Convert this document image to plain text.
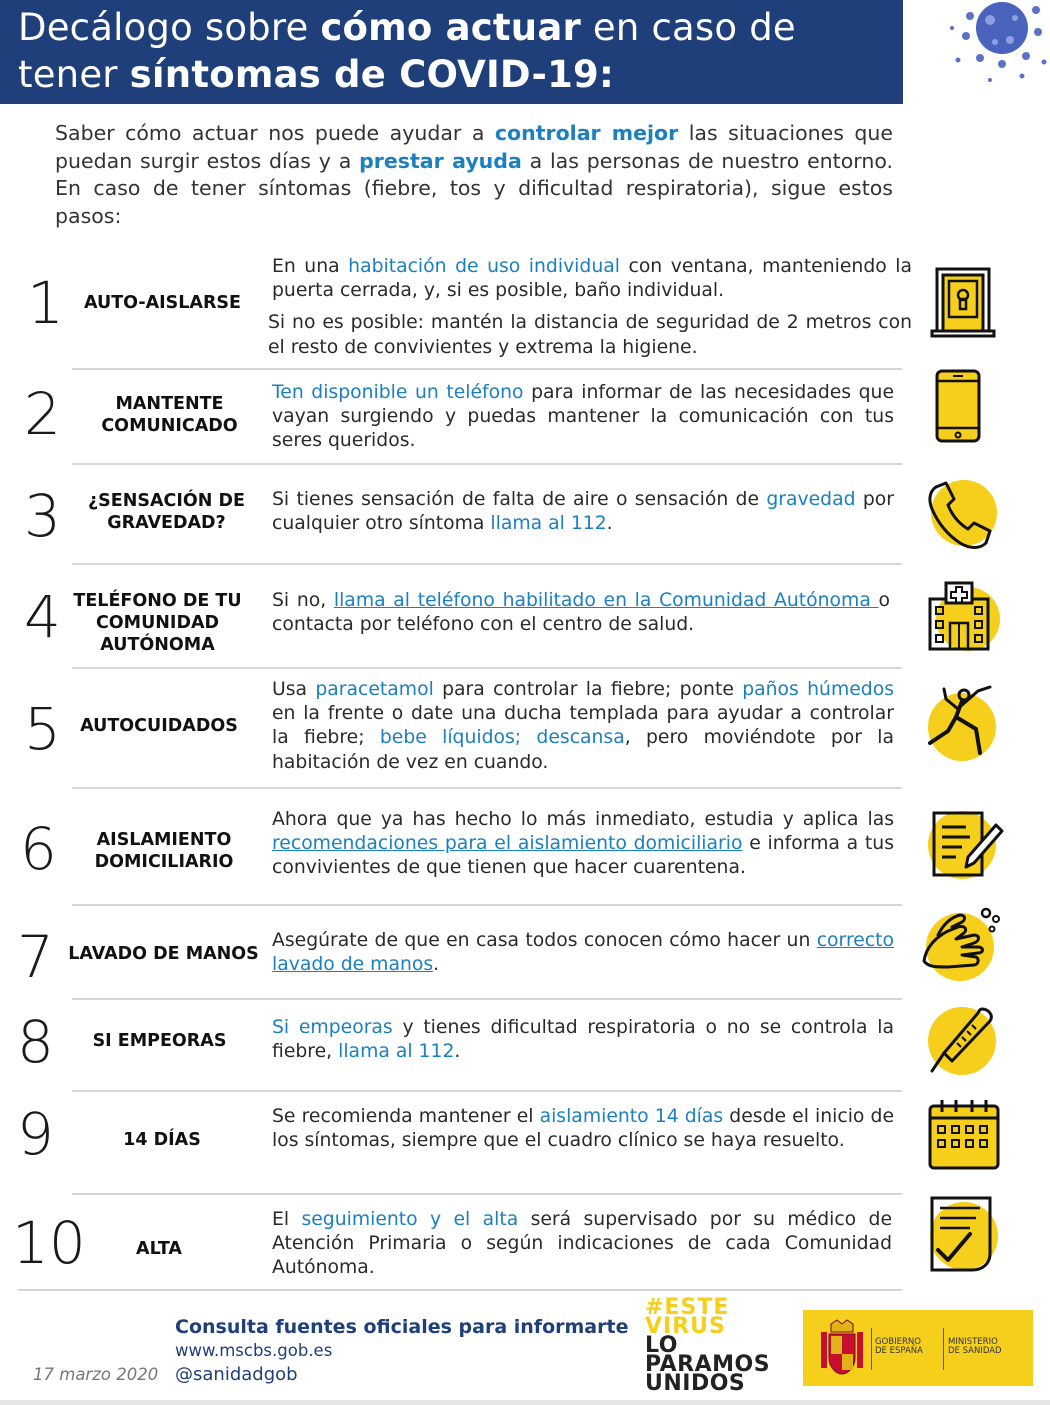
Decálogo sobre cómo actuar en caso de
tener síntomas de COVID-19:
Saber cómo actuar nos puede ayudar a controlar mejor las situaciones que puedan surgir estos días y a prestar ayuda a las personas de nuestro entorno. En caso de tener síntomas (fiebre, tos y dificultad respiratoria), sigue estos pasos:
1 AUTO-AISLARSE

En una habitación de uso individual con ventana, manteniendo la puerta cerrada, y, si es posible, baño individual.

Si no es posible: mantén la distancia de seguridad de 2 metros con el resto de convivientes y extrema la higiene.

2	MANTENTE COMUNICADO
Ten disponible un teléfono para informar de las necesidades que vayan surgiendo y puedas mantener la comunicación con tus seres queridos.
3 ¿SENSACIÓN DE GRAVEDAD?
Si tienes sensación de falta de aire o sensación de gravedad por cualquier otro síntoma llama al 112.
4 TELÉFONO DE TU COMUNIDAD AUTÓNOMA
Si no, llama al teléfono habilitado en la Comunidad Autónoma o contacta por teléfono con el centro de salud.
5 AUTOCUIDADOS
Usa paracetamol para controlar la fiebre; ponte paños húmedos en la frente o date una ducha templada para ayudar a controlar la fiebre; bebe líquidos; descansa, pero moviéndote por la habitación de vez en cuando.
6	AISLAMIENTO DOMICILIARIO
Ahora que ya has hecho lo más inmediato, estudia y aplica las recomendaciones para el aislamiento domiciliario e informa a tus convivientes de que tienen que hacer cuarentena.
7 LAVADO DE MANOS
Asegúrate de que en casa todos conocen cómo hacer un correcto lavado de manos.
8	SI EMPEORAS
Si empeoras y tienes dificultad respiratoria o no se controla la fiebre, llama al 112.
9	14 DÍAS
Se recomienda mantener el aislamiento 14 días desde el inicio de los síntomas, siempre que el cuadro clínico se haya resuelto.
10	ALTA
El seguimiento y el alta será supervisado por su médico de Atención Primaria o según indicaciones de cada Comunidad Autónoma.
Consulta fuentes oficiales para informarte
www.mscbs.gob.es
@sanidadgob
17 marzo 2020
#ESTE
VIRUS
LO
PARAMOS
UNIDOS
GOBIERNO
DE ESPAÑA
MINISTERIO
DE SANIDAD
